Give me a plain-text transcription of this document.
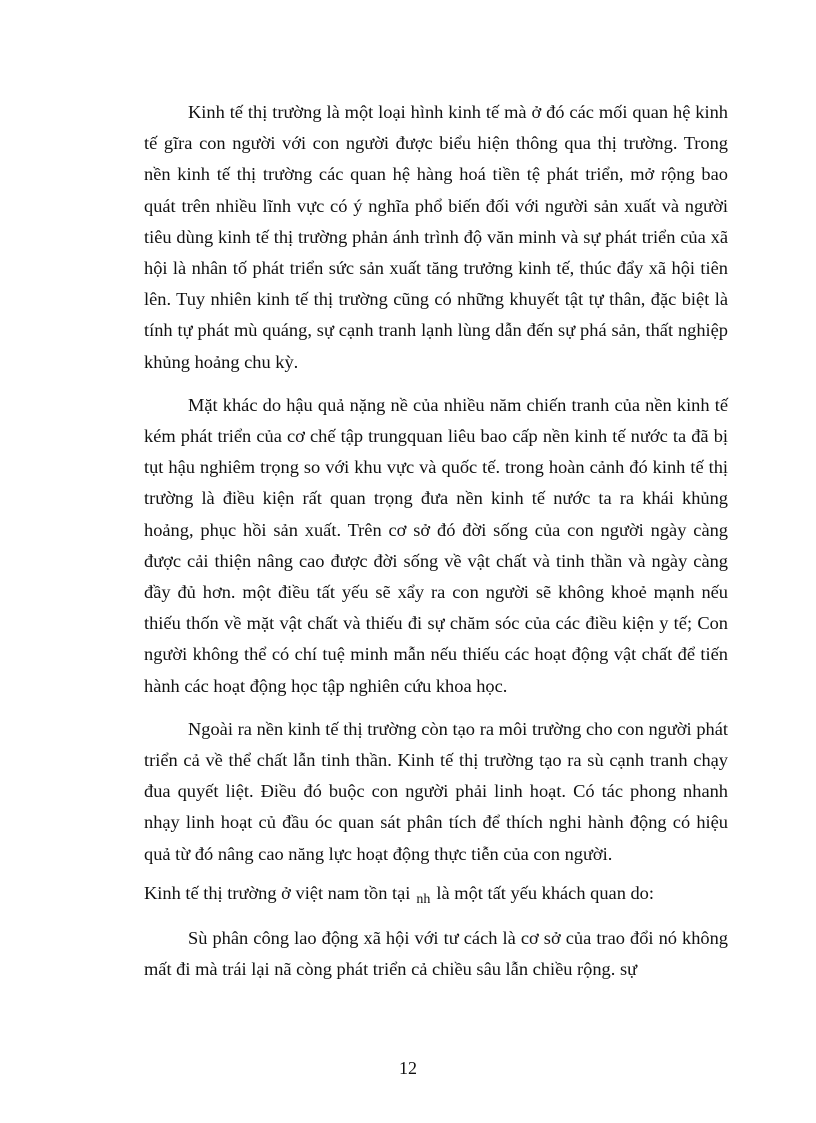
Kinh tế thị trường là một loại hình kinh tế mà ở đó các mối quan hệ kinh tế gĩra con người với con người được biểu hiện thông qua thị trường. Trong nền kinh tế thị trường các quan hệ hàng hoá tiền tệ phát triển, mở rộng bao quát trên nhiều lĩnh vực có ý nghĩa phổ biến đối với người sản xuất và người tiêu dùng kinh tế thị trường phản ánh trình độ văn minh và sự phát triển của xã hội là nhân tố phát triển sức sản xuất tăng trưởng kinh tế, thúc đẩy xã hội tiên lên. Tuy nhiên kinh tế thị trường cũng có những khuyết tật tự thân, đặc biệt là tính tự phát mù quáng, sự cạnh tranh lạnh lùng dẫn đến sự phá sản, thất nghiệp khủng hoảng chu kỳ.

Mặt khác do hậu quả nặng nề của nhiều năm chiến tranh của nền kinh tế kém phát triển của cơ chế tập trungquan liêu bao cấp nền kinh tế nước ta đã bị tụt hậu nghiêm trọng so với khu vực và quốc tế. trong hoàn cảnh đó kinh tế thị trường là điều kiện rất quan trọng đưa nền kinh tế nước ta ra khái khủng hoảng, phục hồi sản xuất. Trên cơ sở đó đời sống của con người ngày càng được cải thiện nâng cao được đời sống về vật chất và tinh thần và ngày càng đầy đủ hơn. một điều tất yếu sẽ xẩy ra con người sẽ không khoẻ mạnh nếu thiếu thốn về mặt vật chất và thiếu đi sự chăm sóc của các điều kiện y tế; Con người không thể có chí tuệ minh mẫn nếu thiếu các hoạt động vật chất để tiến hành các hoạt động học tập nghiên cứu khoa học.

Ngoài ra nền kinh tế thị trường còn tạo ra môi trường cho con người phát triển cả về thể chất lẫn tinh thần. Kinh tế thị trường tạo ra sù cạnh tranh chạy đua quyết liệt. Điều đó buộc con người phải linh hoạt. Có tác phong nhanh nhạy linh hoạt củ đầu óc quan sát phân tích để thích nghi hành động có hiệu quả từ đó nâng cao năng lực hoạt động thực tiễn của con người.

Kinh tế thị trường ở việt nam tồn tại $_{nh}$ là một tất yếu khách quan do:

Sù phân công lao động xã hội với tư cách là cơ sở của trao đổi nó không mất đi mà trái lại nã còng phát triển cả chiều sâu lẫn chiều rộng. sự

12
